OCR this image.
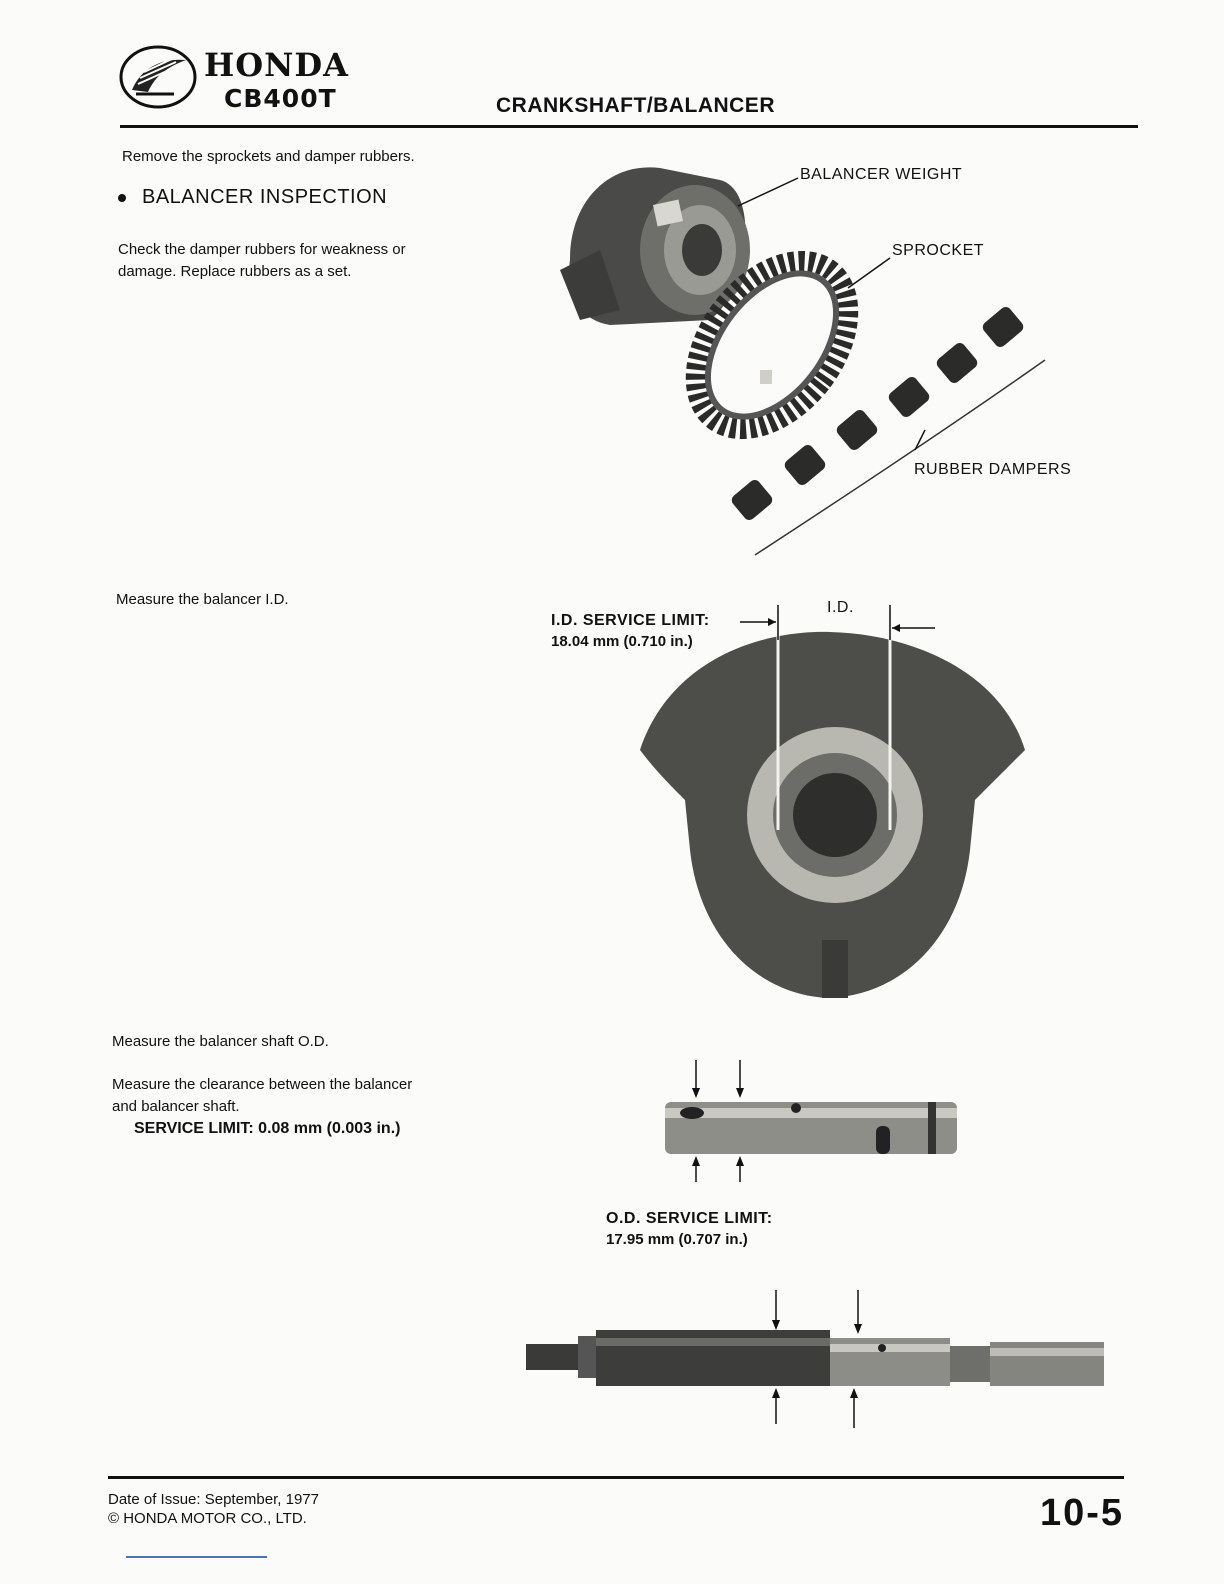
HONDA
CB400T	CRANKSHAFT/BALANCER
Remove the sprockets and damper rubbers.
BALANCER INSPECTION
Check the damper rubbers for weakness or
damage. Replace rubbers as a set.
Measure the balancer I.D.
Measure the balancer shaft O.D.
Measure the clearance between the balancer
and balancer shaft.
SERVICE LIMIT: 0.08 mm (0.003 in.)
BALANCER WEIGHT
SPROCKET
RUBBER DAMPERS
I.D. SERVICE LIMIT:
18.04 mm (0.710 in.)
I.D.
O.D. SERVICE LIMIT:
17.95 mm (0.707 in.)
Date of Issue: September, 1977
© HONDA MOTOR CO., LTD.	10-5
